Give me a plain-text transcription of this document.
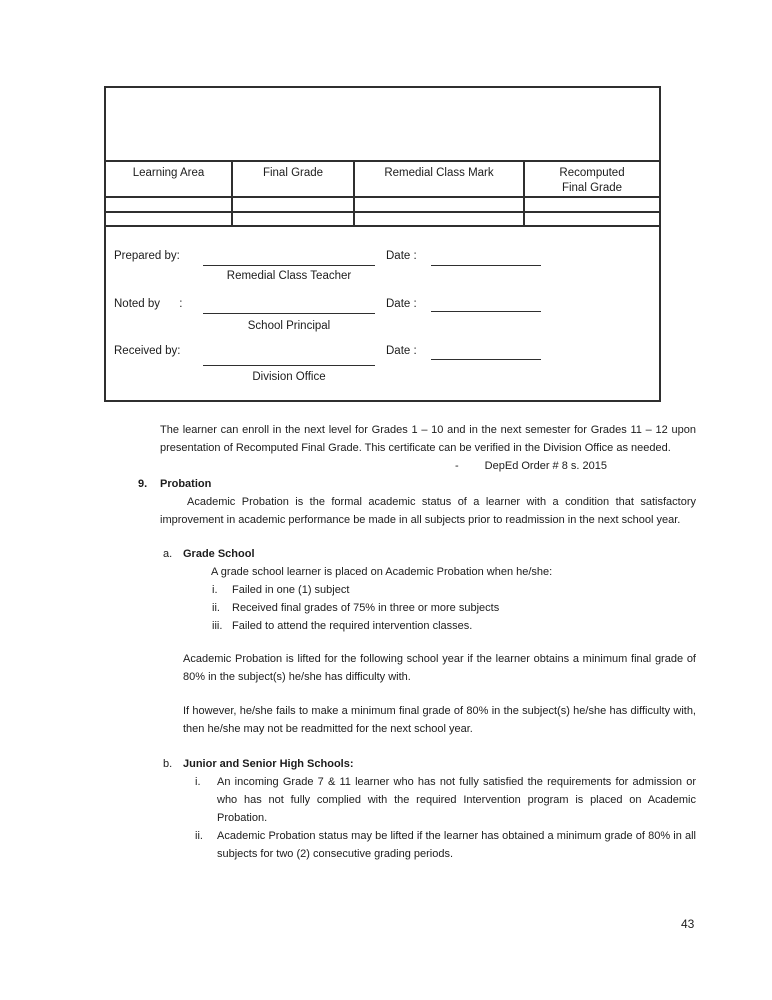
Learning Area	Final Grade	Remedial Class Mark	Recomputed Final Grade
Prepared by:	Date :
Remedial Class Teacher
Noted by      :	Date :
School Principal
Received by:	Date :
Division Office
The learner can enroll in the next level for Grades 1 – 10 and in the next semester for Grades 11 – 12 upon presentation of Recomputed Final Grade. This certificate can be verified in the Division Office as needed.
- DepEd Order # 8 s. 2015
9. Probation
Academic Probation is the formal academic status of a learner with a condition that satisfactory improvement in academic performance be made in all subjects prior to readmission in the next school year.
a. Grade School
A grade school learner is placed on Academic Probation when he/she:
i. Failed in one (1) subject
ii. Received final grades of 75% in three or more subjects
iii. Failed to attend the required intervention classes.
Academic Probation is lifted for the following school year if the learner obtains a minimum final grade of 80% in the subject(s) he/she has difficulty with.
If however, he/she fails to make a minimum final grade of 80% in the subject(s) he/she has difficulty with, then he/she may not be readmitted for the next school year.
b. Junior and Senior High Schools:
i. An incoming Grade 7 & 11 learner who has not fully satisfied the requirements for admission or who has not fully complied with the required Intervention program is placed on Academic Probation.
ii. Academic Probation status may be lifted if the learner has obtained a minimum grade of 80% in all subjects for two (2) consecutive grading periods.
43
